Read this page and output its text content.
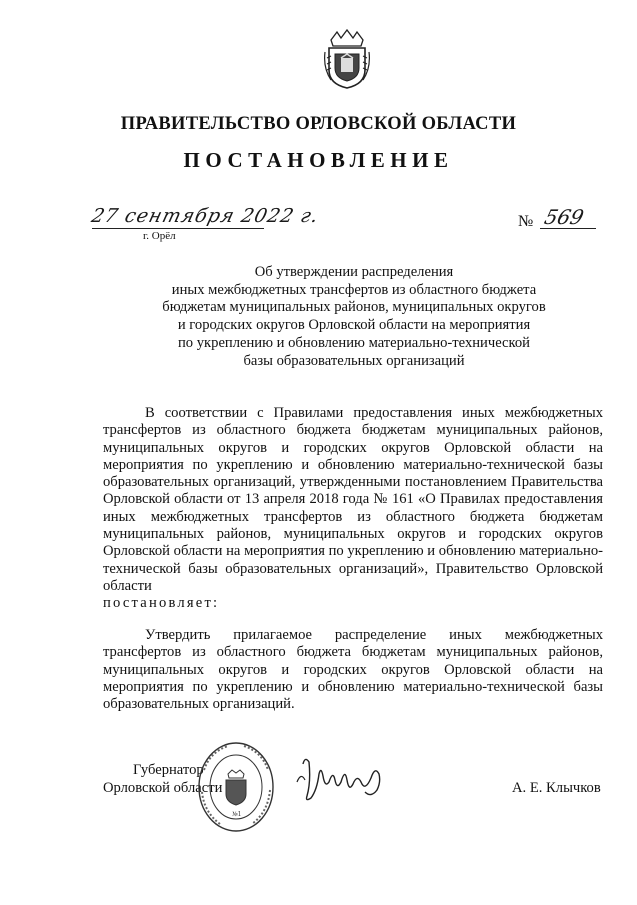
ПРАВИТЕЛЬСТВО ОРЛОВСКОЙ ОБЛАСТИ
ПОСТАНОВЛЕНИЕ
27 сентября 2022 г.	№ 569
г. Орёл
Об утверждении распределения
иных межбюджетных трансфертов из областного бюджета
бюджетам муниципальных районов, муниципальных округов
и городских округов Орловской области на мероприятия
по укреплению и обновлению материально-технической
базы образовательных организаций
В соответствии с Правилами предоставления иных межбюджетных трансфертов из областного бюджета бюджетам муниципальных районов, муниципальных округов и городских округов Орловской области на мероприятия по укреплению и обновлению материально-технической базы образовательных организаций, утвержденными постановлением Правительства Орловской области от 13 апреля 2018 года № 161 «О Правилах предоставления иных межбюджетных трансфертов из областного бюджета бюджетам муниципальных районов, муниципальных округов и городских округов Орловской области на мероприятия по укреплению и обновлению материально-технической базы образовательных организаций», Правительство Орловской области
постановляет:
Утвердить прилагаемое распределение иных межбюджетных трансфертов из областного бюджета бюджетам муниципальных районов, муниципальных округов и городских округов Орловской области на мероприятия по укреплению и обновлению материально-технической базы образовательных организаций.
Губернатор
Орловской области
№1
А. Е. Клычков
